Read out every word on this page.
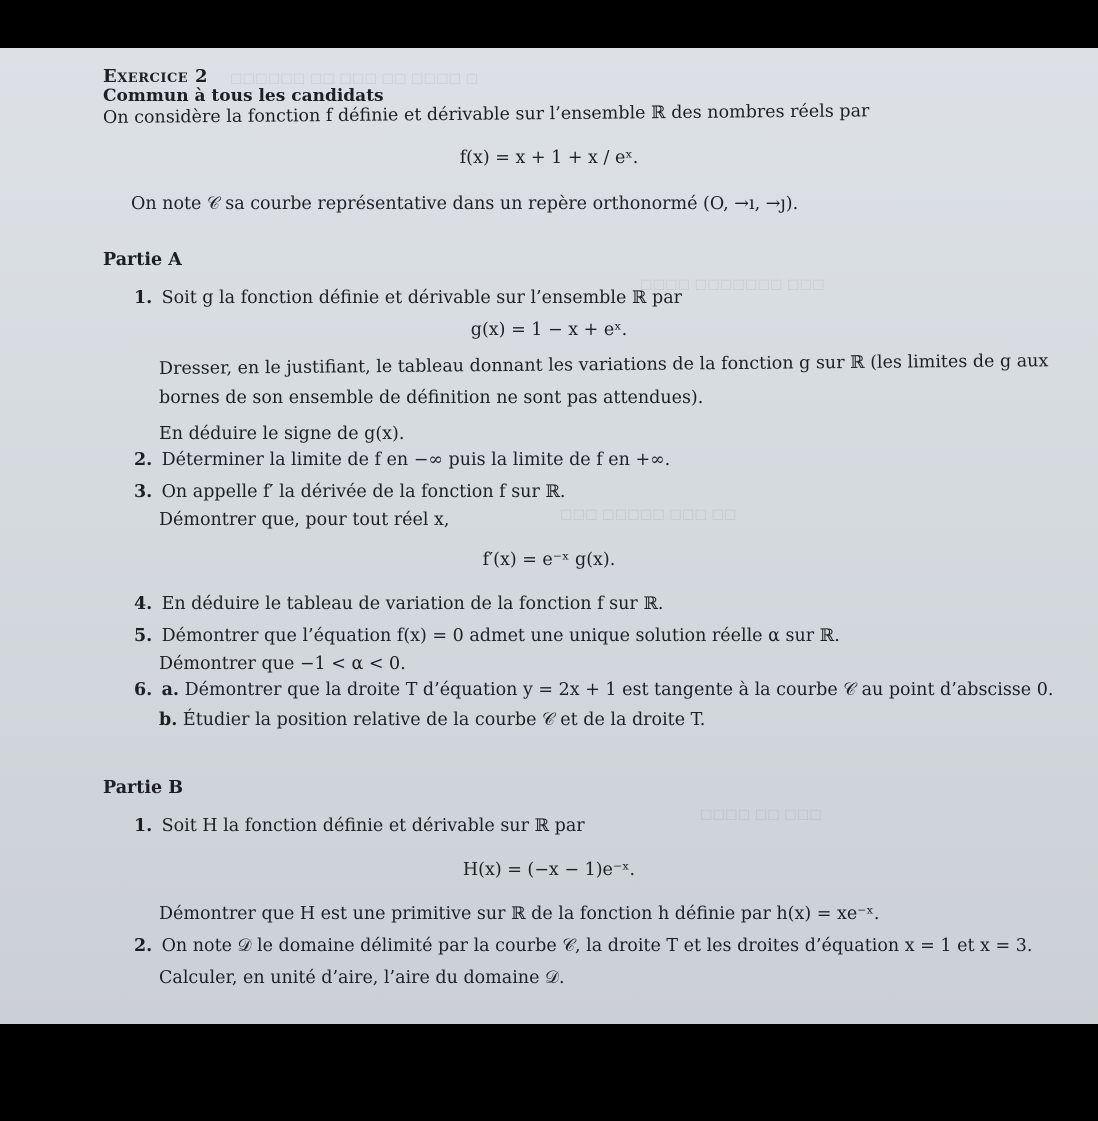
☐ ☐☐☐☐ ☐☐ ☐☐☐ ☐☐ ☐☐☐☐☐☐
☐☐☐ ☐☐☐☐☐☐☐ ☐☐☐☐
☐☐ ☐☐☐ ☐☐☐☐☐ ☐☐☐
☐☐☐ ☐☐ ☐☐☐☐
Exercice 2
Commun à tous les candidats
On considère la fonction f définie et dérivable sur l’ensemble ℝ des nombres réels par
f(x) = x + 1 + x / eˣ.
On note 𝒞 sa courbe représentative dans un repère orthonormé (O, →ı, →ȷ).
Partie A
1. Soit g la fonction définie et dérivable sur l’ensemble ℝ par
g(x) = 1 − x + eˣ.
Dresser, en le justifiant, le tableau donnant les variations de la fonction g sur ℝ (les limites de g aux
bornes de son ensemble de définition ne sont pas attendues).
En déduire le signe de g(x).
2. Déterminer la limite de f en −∞ puis la limite de f en +∞.
3. On appelle f′ la dérivée de la fonction f sur ℝ.
Démontrer que, pour tout réel x,
f′(x) = e⁻ˣ g(x).
4. En déduire le tableau de variation de la fonction f sur ℝ.
5. Démontrer que l’équation f(x) = 0 admet une unique solution réelle α sur ℝ.
Démontrer que −1 < α < 0.
6. a. Démontrer que la droite T d’équation y = 2x + 1 est tangente à la courbe 𝒞 au point d’abscisse 0.
b. Étudier la position relative de la courbe 𝒞 et de la droite T.
Partie B
1. Soit H la fonction définie et dérivable sur ℝ par
H(x) = (−x − 1)e⁻ˣ.
Démontrer que H est une primitive sur ℝ de la fonction h définie par h(x) = xe⁻ˣ.
2. On note 𝒟 le domaine délimité par la courbe 𝒞, la droite T et les droites d’équation x = 1 et x = 3.
Calculer, en unité d’aire, l’aire du domaine 𝒟.
